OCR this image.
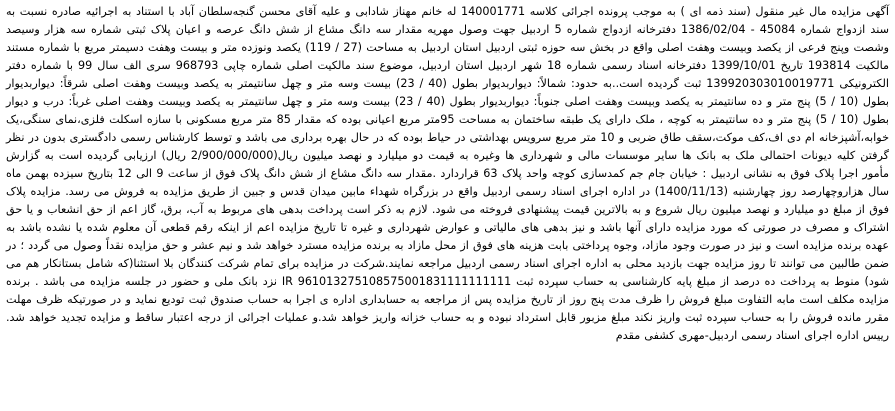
آگهی مزایده مال غیر منقول (سند ذمه ای ) به موجب پرونده اجرائی کلاسه 140001771 له خانم مهناز شادابی و علیه آقای محسن گنجه‌سلطان آباد با استناد به اجرائیه صادره نسبت به سند ازدواج شماره 45084 - 1386/02/04 دفترخانه ازدواج شماره 5 اردبیل جهت وصول مهریه مقدار سه دانگ مشاع از شش دانگ عرصه و اعیان پلاک ثبتی شماره سه هزار وسیصد وشصت وپنج فرعی از یکصد وبیست وهفت اصلی واقع در بخش سه حوزه ثبتی اردبیل استان اردبیل به مساحت (27 / 119) یکصد ونوزده متر و بیست وهفت دسیمتر مربع با شماره مستند مالکیت 193814 تاریخ 1399/10/01 دفترخانه اسناد رسمی شماره 18 شهر اردبیل استان اردبیل، موضوع سند مالکیت اصلی شماره چاپی 968793 سری الف سال 99 با شماره دفتر الکترونیکی 139920303010019771 ثبت گردیده است..به حدود: شمالاً: دیواربدیوار بطول (40 / 23) بیست وسه متر و چهل سانتیمتر به یکصد وبیست وهفت اصلی شرقاً: دیواربدیوار بطول (10 / 5) پنج متر و ده سانتیمتر به یکصد وبیست وهفت اصلی جنوباً: دیواربدیوار بطول (40 / 23) بیست وسه متر و چهل سانتیمتر به یکصد وبیست وهفت اصلی غرباً: درب و دیوار بطول (10 / 5) پنج متر و ده سانتیمتر به کوچه ، ملک دارای یک طبقه ساختمان به مساحت 95متر مربع اعیانی بوده که مقدار 85 متر مربع مسکونی با سازه اسکلت فلزی،نمای سنگی،یک خوابه،آشپزخانه ام دی اف،کف موکت،سقف طاق ضربی و 10 متر مربع سرویس بهداشتی در حیاط بوده که در حال بهره برداری می باشد و توسط کارشناس رسمی دادگستری بدون در نظر گرفتن کلیه دیونات احتمالی ملک به بانک ها سایر موسسات مالی و شهرداری ها وغیره به قیمت دو میلیارد و نهصد میلیون ریال(2/900/000/000 ریال) ارزیابی گردیده است به گزارش مأمور اجرا پلاک فوق به نشانی اردبیل : خیابان جام جم کمدسازی کوچه واحد پلاک 63 قراردارد .مقدار سه دانگ مشاع از شش دانگ پلاک فوق از ساعت 9 الی 12 بتاریخ سیزده بهمن ماه سال هزاروچهارصد روز چهارشنبه (1400/11/13) در اداره اجرای اسناد رسمی اردبیل واقع در بزرگراه شهداء مابین میدان قدس و جبین از طریق مزایده به فروش می رسد. مزایده پلاک فوق از مبلغ دو میلیارد و نهصد میلیون ریال شروع و به بالاترین قیمت پیشنهادی فروخته می شود. لازم به ذکر است پرداخت بدهی های مربوط به آب، برق، گاز اعم از حق انشعاب و یا حق اشتراک و مصرف در صورتی که مورد مزایده دارای آنها باشد و نیز بدهی های مالیاتی و عوارض شهرداری و غیره تا تاریخ مزایده اعم از اینکه رقم قطعی آن معلوم شده یا نشده باشد به عهده برنده مزایده است و نیز در صورت وجود مازاد، وجوه پرداختی بابت هزینه های فوق از محل مازاد به برنده مزایده مسترد خواهد شد و نیم عشر و حق مزایده نقداً وصول می گردد ؛ در ضمن طالبین می توانند تا روز مزایده جهت بازدید محلی به اداره اجرای اسناد رسمی اردبیل مراجعه نمایند.شرکت در مزایده برای تمام شرکت کنندگان بلا استثنا(که شامل بستانکار هم می شود) منوط به پرداخت ده درصد از مبلغ پایه کارشناسی به حساب سپرده ثبت IR 961013275108575001831111111111 نزد بانک ملی و حضور در جلسه مزایده می باشد . برنده مزایده مکلف است مابه التفاوت مبلغ فروش را ظرف مدت پنج روز از تاریخ مزایده پس از مراجعه به حسابداری اداره ی اجرا به حساب صندوق ثبت تودیع نماید و در صورتیکه ظرف مهلت مقرر مانده فروش را به حساب سپرده ثبت واریز نکند مبلغ مزبور قابل استرداد نبوده و به حساب خزانه واریز خواهد شد.و عملیات اجرائی از درجه اعتبار ساقط و مزایده تجدید خواهد شد. رییس اداره اجرای اسناد رسمی اردبیل-مهری کشفی مقدم
